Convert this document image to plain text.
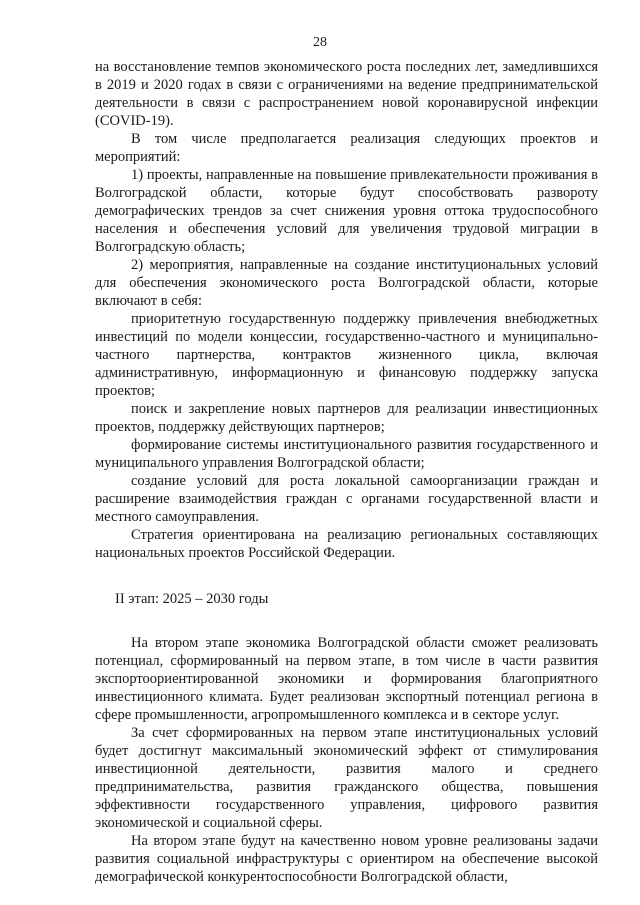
28

на восстановление темпов экономического роста последних лет, замедлившихся в 2019 и 2020 годах в связи с ограничениями на ведение предпринимательской деятельности в связи с распространением новой коронавирусной инфекции (COVID-19).

В том числе предполагается реализация следующих проектов и мероприятий:

1) проекты, направленные на повышение привлекательности проживания в Волгоградской области, которые будут способствовать развороту демографических трендов за счет снижения уровня оттока трудоспособного населения и обеспечения условий для увеличения трудовой миграции в Волгоградскую область;

2) мероприятия, направленные на создание институциональных условий для обеспечения экономического роста Волгоградской области, которые включают в себя:

приоритетную государственную поддержку привлечения внебюджетных инвестиций по модели концессии, государственно-частного и муниципально-частного партнерства, контрактов жизненного цикла, включая административную, информационную и финансовую поддержку запуска проектов;

поиск и закрепление новых партнеров для реализации инвестиционных проектов, поддержку действующих партнеров;

формирование системы институционального развития государственного и муниципального управления Волгоградской области;

создание условий для роста локальной самоорганизации граждан и расширение взаимодействия граждан с органами государственной власти и местного самоуправления.

Стратегия ориентирована на реализацию региональных составляющих национальных проектов Российской Федерации.

II этап: 2025 – 2030 годы

На втором этапе экономика Волгоградской области сможет реализовать потенциал, сформированный на первом этапе, в том числе в части развития экспортоориентированной экономики и формирования благоприятного инвестиционного климата. Будет реализован экспортный потенциал региона в сфере промышленности, агропромышленного комплекса и в секторе услуг.

За счет сформированных на первом этапе институциональных условий будет достигнут максимальный экономический эффект от стимулирования инвестиционной деятельности, развития малого и среднего предпринимательства, развития гражданского общества, повышения эффективности государственного управления, цифрового развития экономической и социальной сферы.

На втором этапе будут на качественно новом уровне реализованы задачи развития социальной инфраструктуры с ориентиром на обеспечение высокой демографической конкурентоспособности Волгоградской области,
